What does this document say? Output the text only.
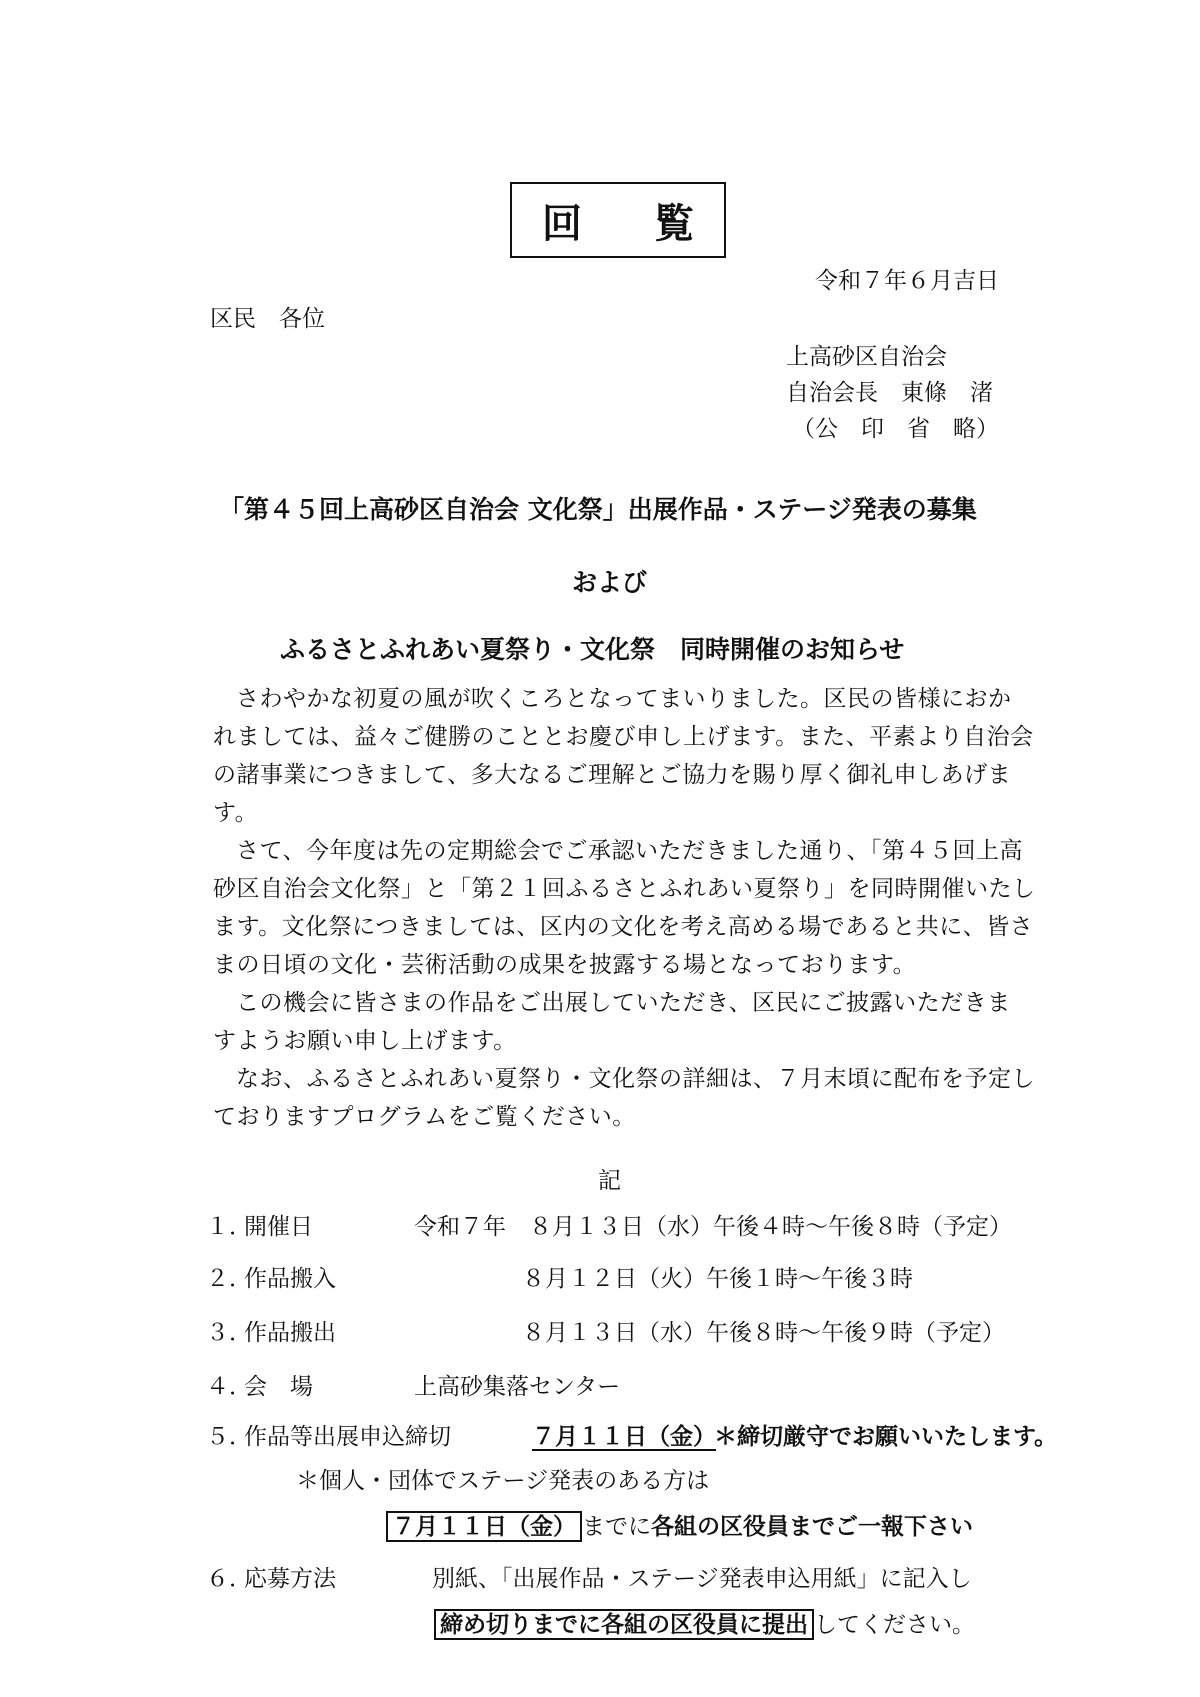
回 覧
令和７年６月吉日
区民　各位
上高砂区自治会
自治会長　東條　渚
（公　印　省　略）
「第４５回上高砂区自治会 文化祭」出展作品・ステージ発表の募集
および
ふるさとふれあい夏祭り・文化祭　同時開催のお知らせ
さわやかな初夏の風が吹くころとなってまいりました。区民の皆様におか
れましては、益々ご健勝のこととお慶び申し上げます。また、平素より自治会
の諸事業につきまして、多大なるご理解とご協力を賜り厚く御礼申しあげま
す。
さて、今年度は先の定期総会でご承認いただきました通り、「第４５回上高
砂区自治会文化祭」と「第２１回ふるさとふれあい夏祭り」を同時開催いたし
ます。文化祭につきましては、区内の文化を考え高める場であると共に、皆さ
まの日頃の文化・芸術活動の成果を披露する場となっております。
この機会に皆さまの作品をご出展していただき、区民にご披露いただきま
すようお願い申し上げます。
なお、ふるさとふれあい夏祭り・文化祭の詳細は、７月末頃に配布を予定し
ておりますプログラムをご覧ください。
記
１．
開催日	令和７年　８月１３日（水）午後４時～午後８時（予定）
２．
作品搬入	８月１２日（火）午後１時～午後３時
３．
作品搬出	８月１３日（水）午後８時～午後９時（予定）
４．
会　場	上高砂集落センター
５．
作品等出展申込締切	７月１１日（金）
＊締切厳守でお願いいたします。
＊個人・団体でステージ発表のある方は
７月１１日（金） までに各組の区役員までご一報下さい
６．
応募方法	別紙、「出展作品・ステージ発表申込用紙」に記入し
締め切りまでに各組の区役員に提出 してください。
